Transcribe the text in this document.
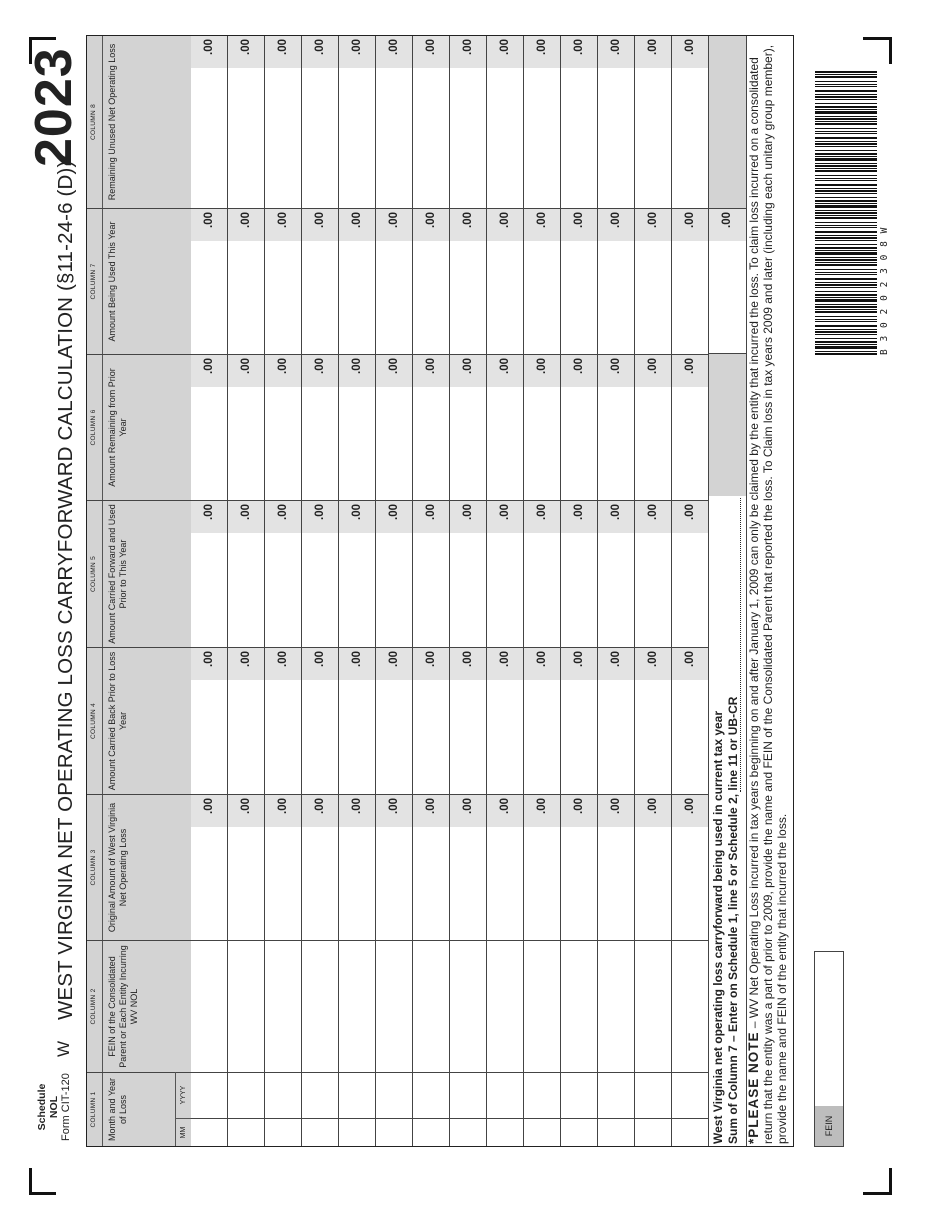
Schedule NOL Form CIT-120
W
WEST VIRGINIA NET OPERATING LOSS CARRYFORWARD CALCULATION (§11-24-6 (D))
2023
COLUMN 1 Month and Year of Loss
COLUMN 2 FEIN of the Consolidated Parent or Each Entity Incurring WV NOL
COLUMN 3 Original Amount of West Virginia Net Operating Loss
COLUMN 4 Amount Carried Back Prior to Loss Year
COLUMN 5 Amount Carried Forward and Used Prior to This Year
COLUMN 6 Amount Remaining from Prior Year
COLUMN 7 Amount Being Used This Year
COLUMN 8 Remaining Unused Net Operating Loss
MM
YYYY
.00
.00
.00
.00
.00
.00
.00
.00
.00
.00
.00
.00
.00
.00
.00
.00
.00
.00
.00
.00
.00
.00
.00
.00
.00
.00
.00
.00
.00
.00
.00
.00
.00
.00
.00
.00
.00
.00
.00
.00
.00
.00
.00
.00
.00
.00
.00
.00
.00
.00
.00
.00
.00
.00
.00
.00
.00
.00
.00
.00
.00
.00
.00
.00
.00
.00
.00
.00
.00
.00
.00
.00
.00
.00
.00
.00
.00
.00
.00
.00
.00
.00
.00
.00
.00
West Virginia net operating loss carryforward being used in current tax year Sum of Column 7 – Enter on Schedule 1, line 5 or Schedule 2, line 11 or UB-CR *PLEASE NOTE – WV Net Operating Loss incurred in tax years beginning on and after January 1, 2009 can only be claimed by the entity that incurred the loss. To claim loss incurred on a consolidated return that the entity was a part of prior to 2009, provide the name and FEIN of the Consolidated Parent that reported the loss. To Claim loss in tax years 2009 and later (including each unitary group member), provide the name and FEIN of the entity that incurred the loss.	FEIN
B30202308W
